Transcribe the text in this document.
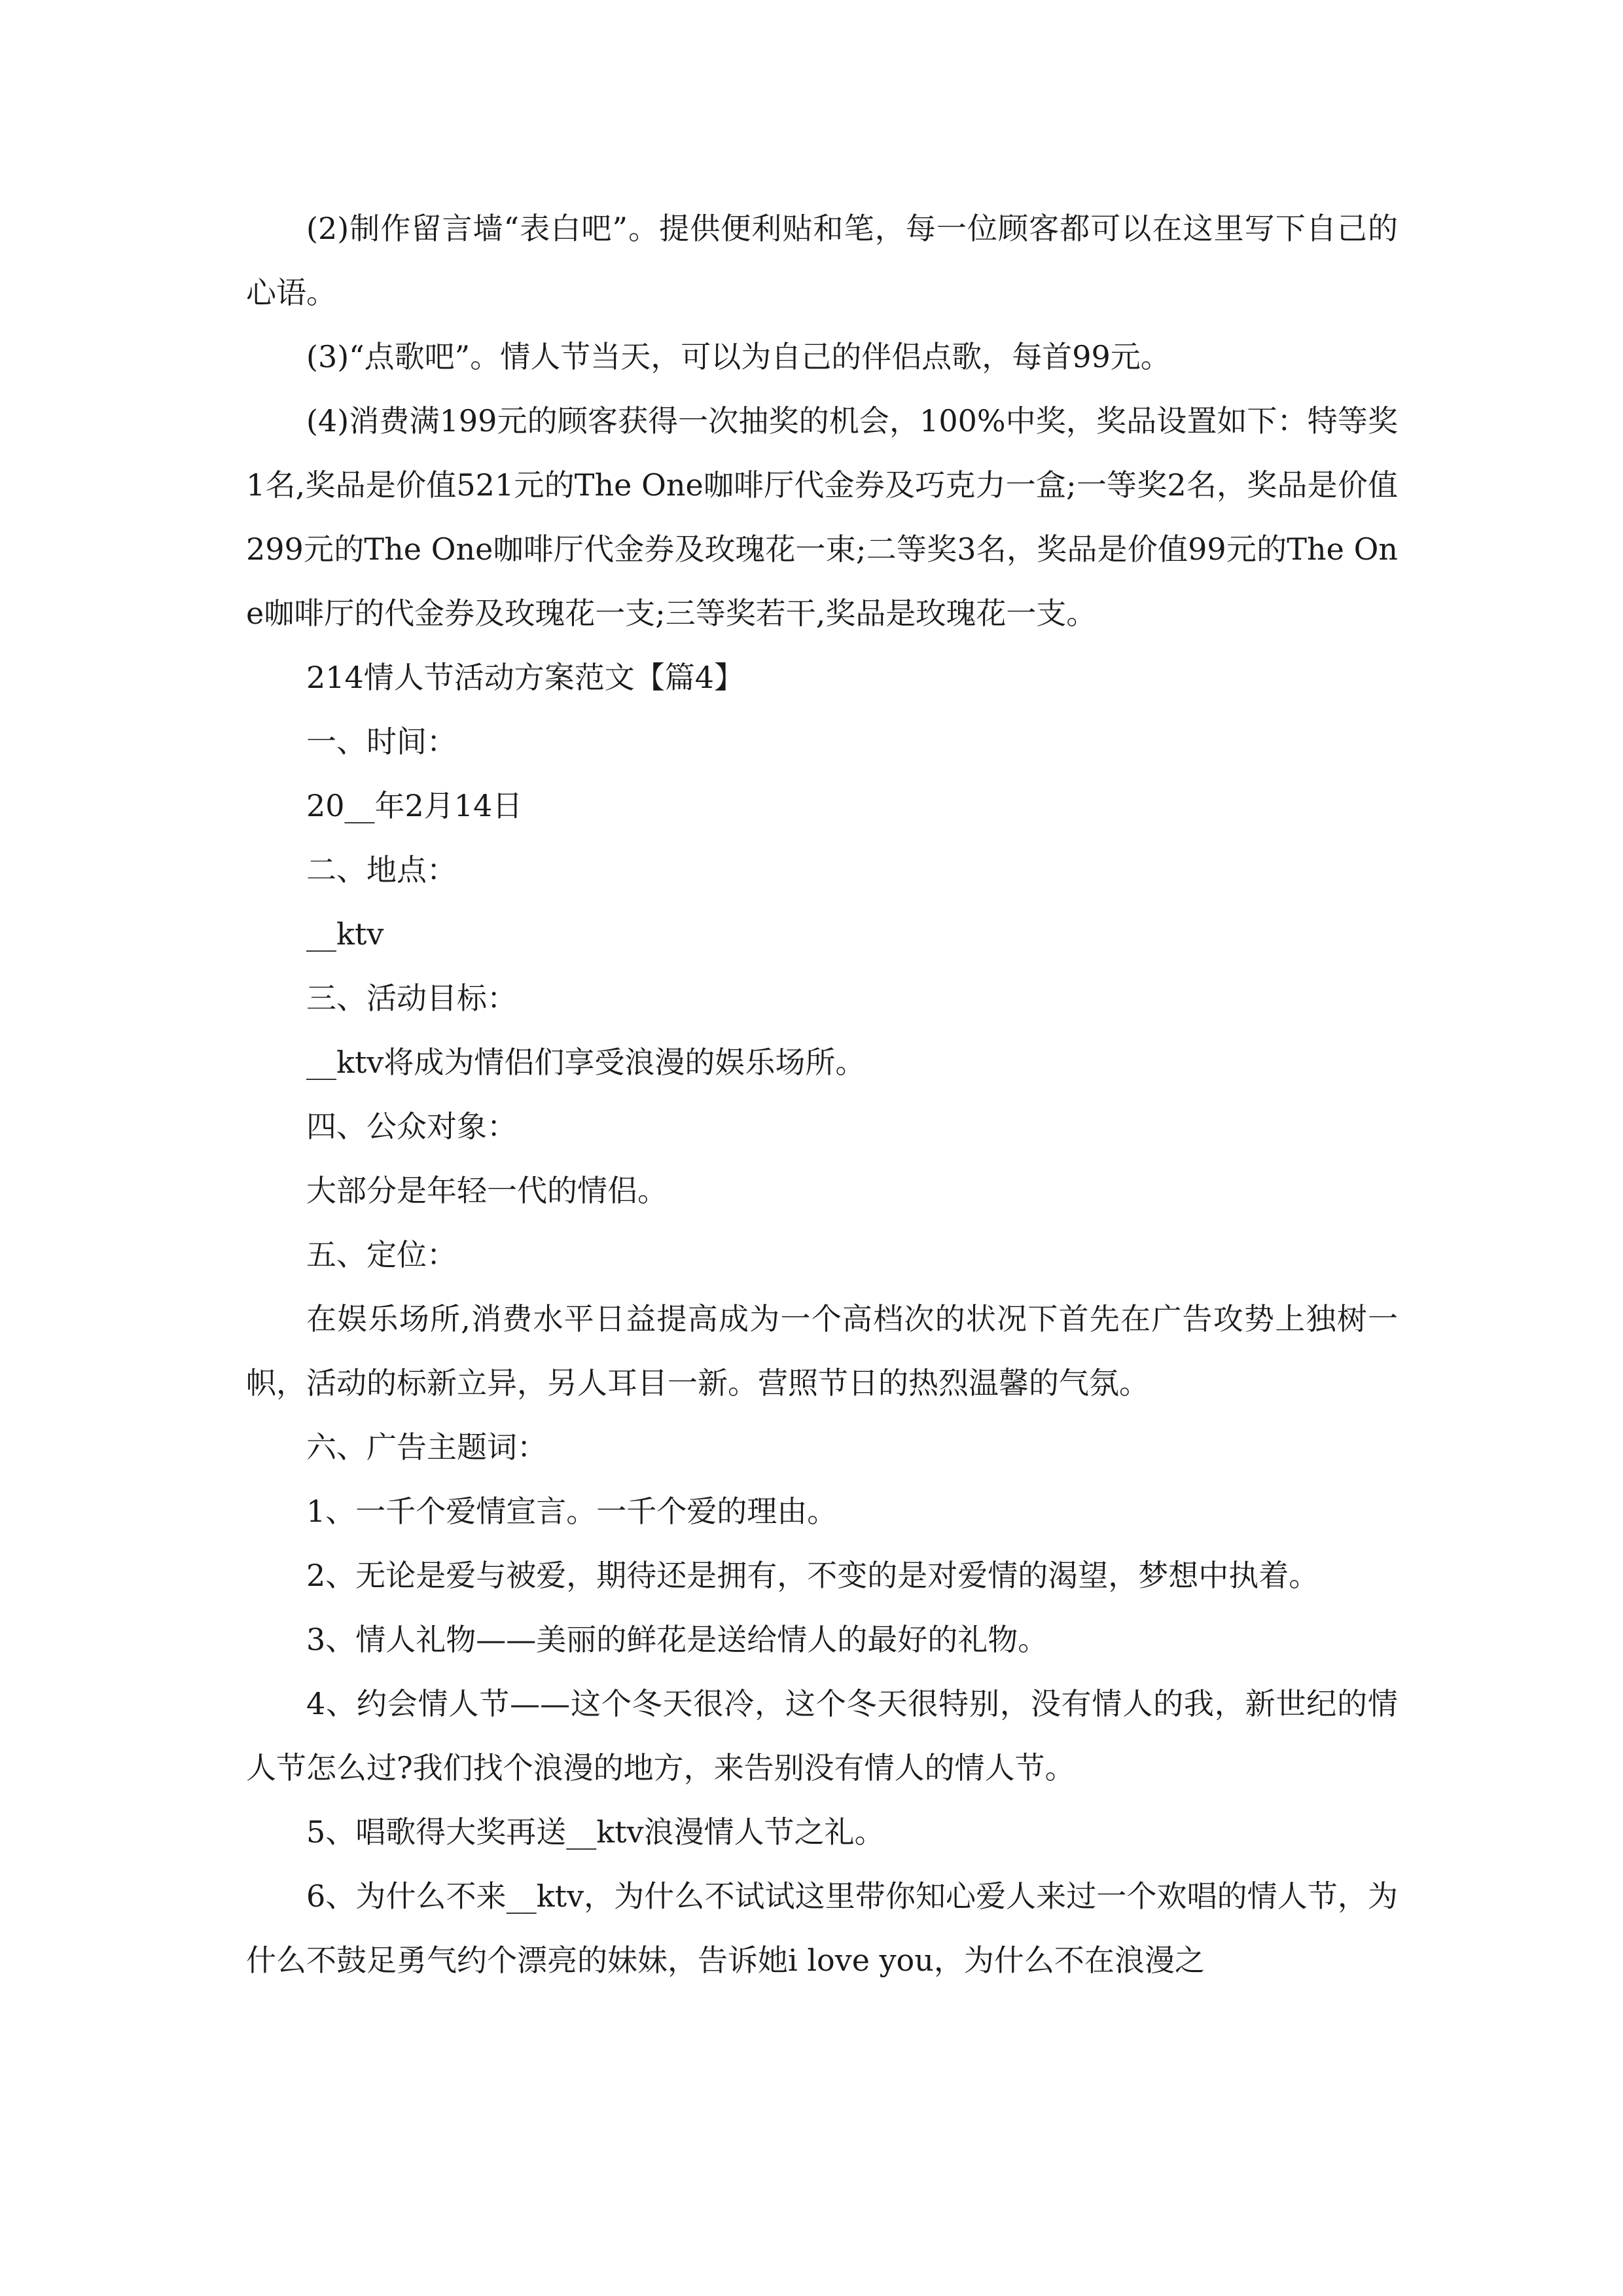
(2)制作留言墙“表白吧”。提供便利贴和笔，每一位顾客都可以在这里写下自己的心语。

(3)“点歌吧”。情人节当天，可以为自己的伴侣点歌，每首99元。

(4)消费满199元的顾客获得一次抽奖的机会，100%中奖，奖品设置如下：特等奖1名,奖品是价值521元的The One咖啡厅代金券及巧克力一盒;一等奖2名，奖品是价值299元的The One咖啡厅代金券及玫瑰花一束;二等奖3名，奖品是价值99元的The One咖啡厅的代金券及玫瑰花一支;三等奖若干,奖品是玫瑰花一支。

214情人节活动方案范文【篇4】

一、时间：

20__年2月14日

二、地点：

__ktv

三、活动目标：

__ktv将成为情侣们享受浪漫的娱乐场所。

四、公众对象：

大部分是年轻一代的情侣。

五、定位：

在娱乐场所,消费水平日益提高成为一个高档次的状况下首先在广告攻势上独树一帜，活动的标新立异，另人耳目一新。营照节日的热烈温馨的气氛。

六、广告主题词：

1、一千个爱情宣言。一千个爱的理由。

2、无论是爱与被爱，期待还是拥有，不变的是对爱情的渴望，梦想中执着。

3、情人礼物——美丽的鲜花是送给情人的最好的礼物。

4、约会情人节——这个冬天很冷，这个冬天很特别，没有情人的我，新世纪的情人节怎么过?我们找个浪漫的地方，来告别没有情人的情人节。

5、唱歌得大奖再送__ktv浪漫情人节之礼。

6、为什么不来__ktv，为什么不试试这里带你知心爱人来过一个欢唱的情人节，为什么不鼓足勇气约个漂亮的妹妹，告诉她i love you，为什么不在浪漫之
